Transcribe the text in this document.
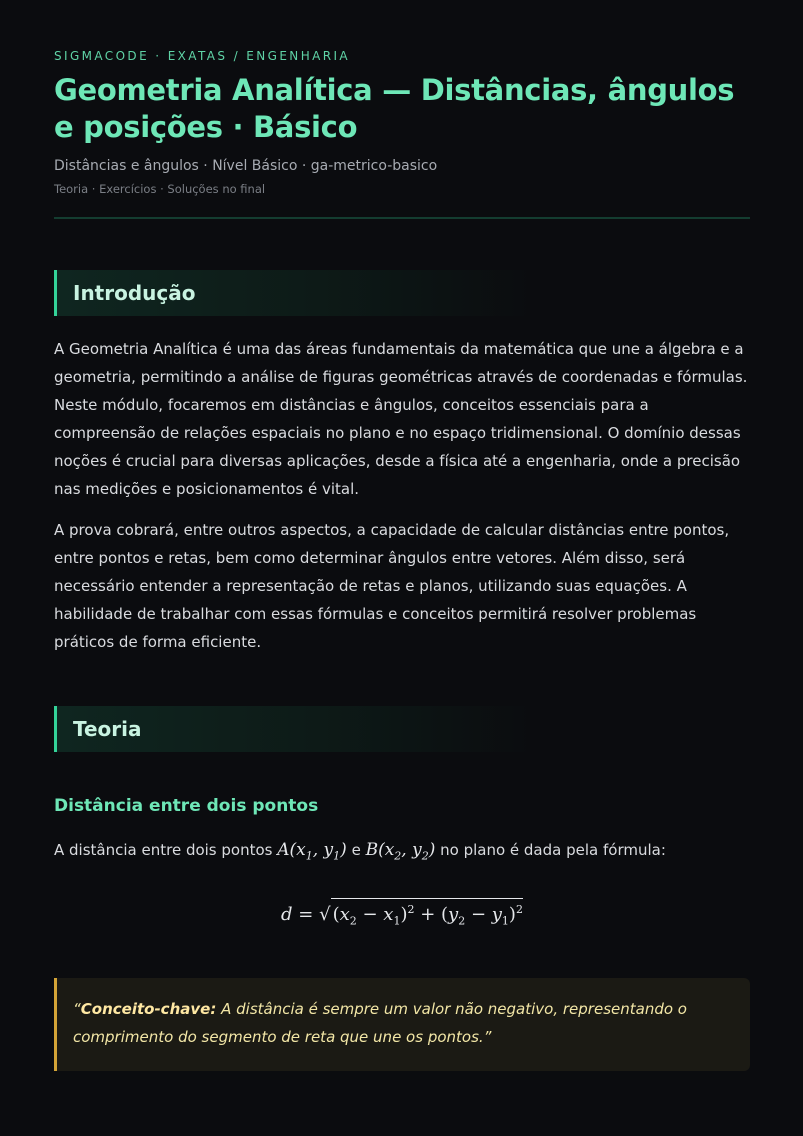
SIGMACODE · EXATAS / ENGENHARIA
Geometria Analítica — Distâncias, ângulos e posições · Básico
Distâncias e ângulos · Nível Básico · ga-metrico-basico
Teoria · Exercícios · Soluções no final
Introdução

A Geometria Analítica é uma das áreas fundamentais da matemática que une a álgebra e a geometria, permitindo a análise de figuras geométricas através de coordenadas e fórmulas. Neste módulo, focaremos em distâncias e ângulos, conceitos essenciais para a compreensão de relações espaciais no plano e no espaço tridimensional. O domínio dessas noções é crucial para diversas aplicações, desde a física até a engenharia, onde a precisão nas medições e posicionamentos é vital.

A prova cobrará, entre outros aspectos, a capacidade de calcular distâncias entre pontos, entre pontos e retas, bem como determinar ângulos entre vetores. Além disso, será necessário entender a representação de retas e planos, utilizando suas equações. A habilidade de trabalhar com essas fórmulas e conceitos permitirá resolver problemas práticos de forma eficiente.

Teoria
Distância entre dois pontos
A distância entre dois pontos $A(x_1$, $y_1$) e $B(x_2$, $y_2$) no plano é dada pela fórmula:
d = √ $(x_2 - x_1)^2 + (y_2 - y_1)^2$
“Conceito-chave: A distância é sempre um valor não negativo, representando o comprimento do segmento de reta que une os pontos.”
